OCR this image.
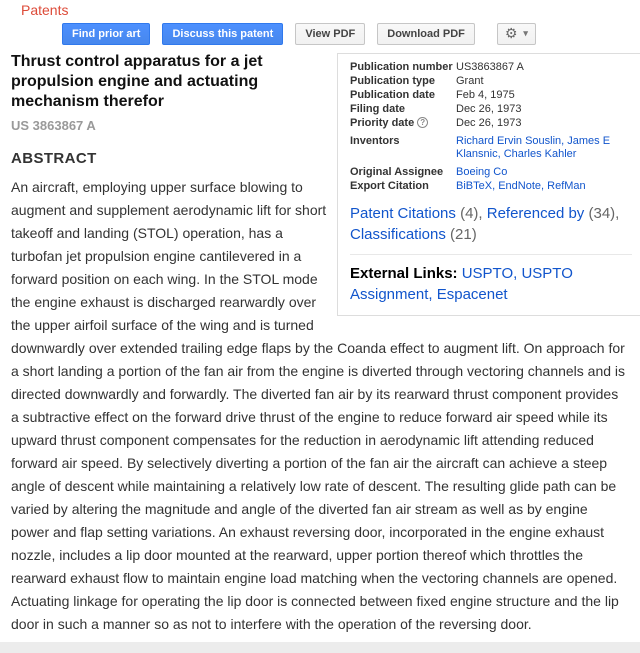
Patents
Find prior art	Discuss this patent	View PDF	Download PDF	⚙ ▾
Publication number US3863867 A
Publication type	Grant
Publication date	Feb 4, 1975
Filing date	Dec 26, 1973
Priority date ?	Dec 26, 1973
Inventors	Richard Ervin Souslin, James E Klansnic, Charles Kahler
Original Assignee	Boeing Co
Export Citation	BiBTeX, EndNote, RefMan
Patent Citations (4), Referenced by (34), Classifications (21)
External Links: USPTO, USPTO Assignment, Espacenet
Thrust control apparatus for a jet propulsion engine and actuating mechanism therefor
US 3863867 A
ABSTRACT

An aircraft, employing upper surface blowing to augment and supplement aerodynamic lift for short takeoff and landing (STOL) operation, has a turbofan jet propulsion engine cantilevered in a forward position on each wing. In the STOL mode the engine exhaust is discharged rearwardly over the upper airfoil surface of the wing and is turned downwardly over extended trailing edge flaps by the Coanda effect to augment lift. On approach for a short landing a portion of the fan air from the engine is diverted through vectoring channels and is directed downwardly and forwardly. The diverted fan air by its rearward thrust component provides a subtractive effect on the forward drive thrust of the engine to reduce forward air speed while its upward thrust component compensates for the reduction in aerodynamic lift attending reduced forward air speed. By selectively diverting a portion of the fan air the aircraft can achieve a steep angle of descent while maintaining a relatively low rate of descent. The resulting glide path can be varied by altering the magnitude and angle of the diverted fan air stream as well as by engine power and flap setting variations. An exhaust reversing door, incorporated in the engine exhaust nozzle, includes a lip door mounted at the rearward, upper portion thereof which throttles the rearward exhaust flow to maintain engine load matching when the vectoring channels are opened. Actuating linkage for operating the lip door is connected between fixed engine structure and the lip door in such a manner so as not to interfere with the operation of the reversing door.
